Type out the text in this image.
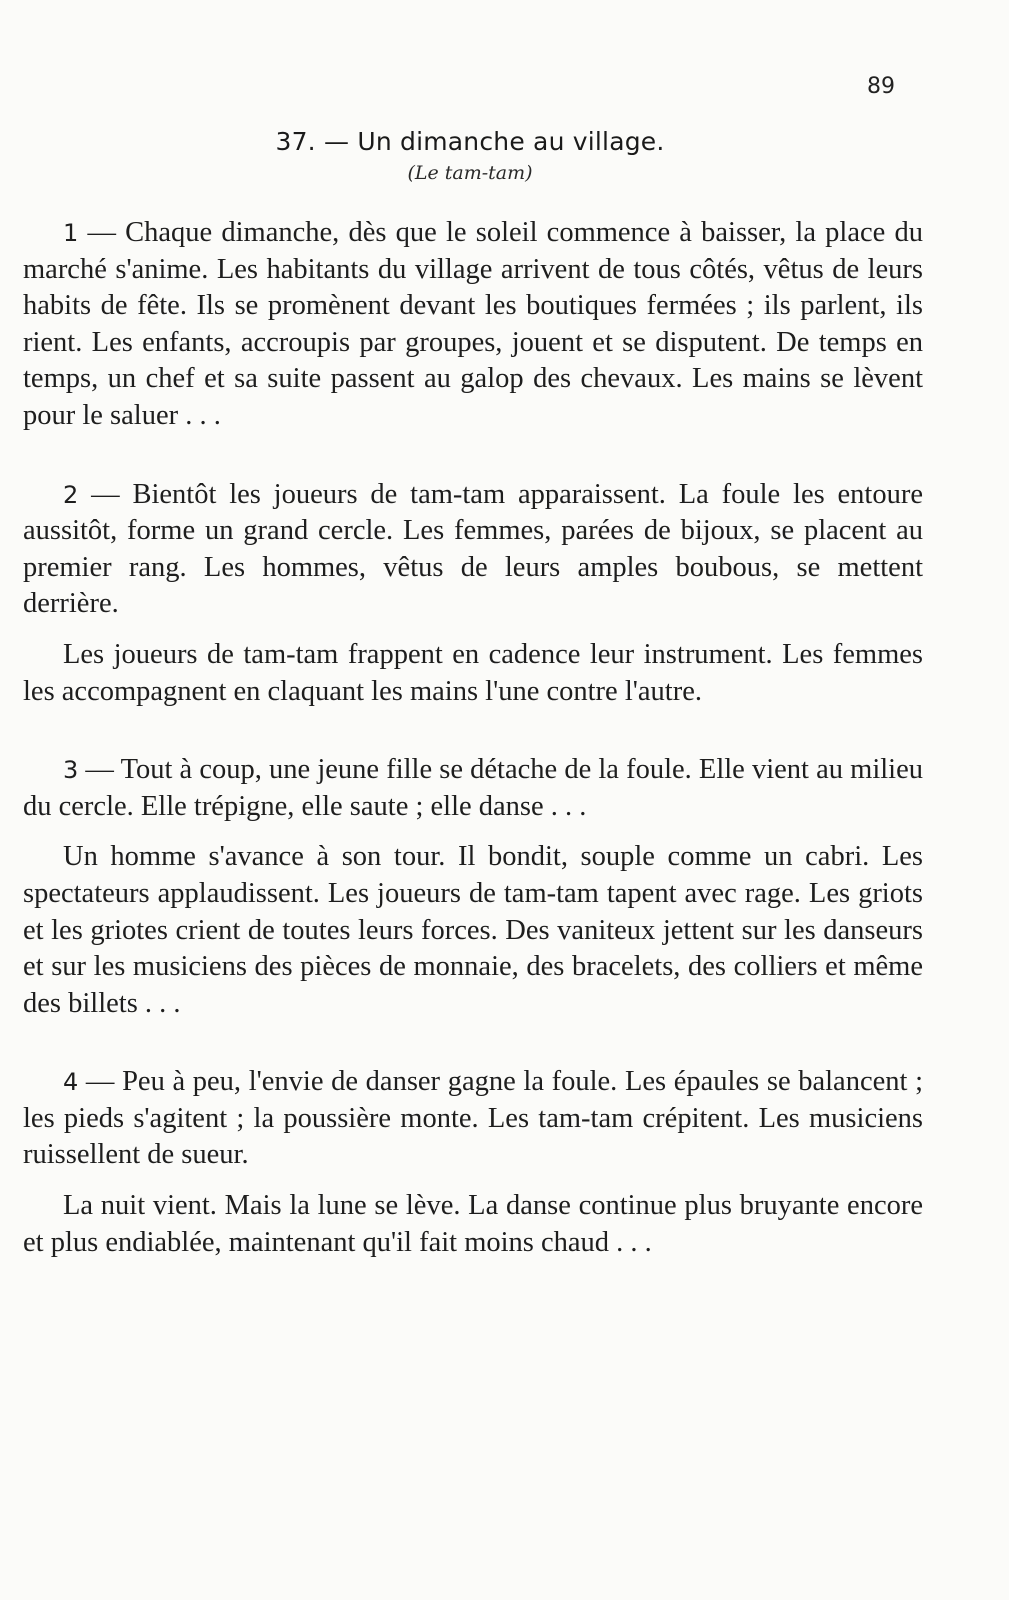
89
37. — Un dimanche au village.
(Le tam-tam)

1 — Chaque dimanche, dès que le soleil commence à baisser, la place du marché s'anime. Les habitants du village arrivent de tous côtés, vêtus de leurs habits de fête. Ils se promènent devant les boutiques fermées ; ils parlent, ils rient. Les enfants, accroupis par groupes, jouent et se disputent. De temps en temps, un chef et sa suite passent au galop des chevaux. Les mains se lèvent pour le saluer . . .

2 — Bientôt les joueurs de tam-tam apparaissent. La foule les entoure aussitôt, forme un grand cercle. Les femmes, parées de bijoux, se placent au premier rang. Les hommes, vêtus de leurs amples boubous, se mettent derrière.

Les joueurs de tam-tam frappent en cadence leur instrument. Les femmes les accompagnent en claquant les mains l'une contre l'autre.

3 — Tout à coup, une jeune fille se détache de la foule. Elle vient au milieu du cercle. Elle trépigne, elle saute ; elle danse . . .

Un homme s'avance à son tour. Il bondit, souple comme un cabri. Les spectateurs applaudissent. Les joueurs de tam-tam tapent avec rage. Les griots et les griotes crient de toutes leurs forces. Des vaniteux jettent sur les danseurs et sur les musiciens des pièces de monnaie, des bracelets, des colliers et même des billets . . .

4 — Peu à peu, l'envie de danser gagne la foule. Les épaules se balancent ; les pieds s'agitent ; la poussière monte. Les tam-tam crépitent. Les musiciens ruissellent de sueur.

La nuit vient. Mais la lune se lève. La danse continue plus bruyante encore et plus endiablée, maintenant qu'il fait moins chaud . . .
